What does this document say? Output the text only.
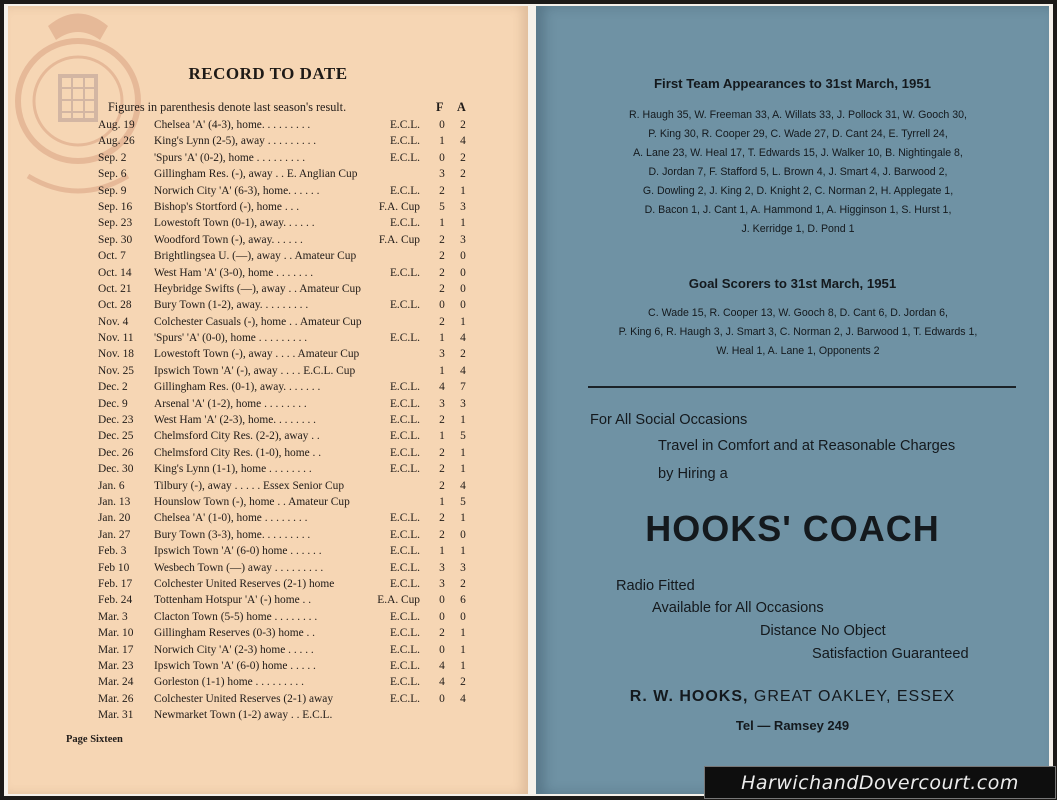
RECORD TO DATE
Figures in parenthesis denote last season's result.	F A
Aug. 19	Chelsea 'A' (4-3), home. . . . . . . . .	E.C.L. 0 2
Aug. 26	King's Lynn (2-5), away . . . . . . . . .	E.C.L. 1 4
Sep. 2	'Spurs 'A' (0-2), home . . . . . . . . .	E.C.L. 0 2
Sep. 6	Gillingham Res. (-), away . . E. Anglian Cup	3 2
Sep. 9	Norwich City 'A' (6-3), home. . . . . .	E.C.L. 2 1
Sep. 16	Bishop's Stortford (-), home . . .	F.A. Cup 5 3
Sep. 23	Lowestoft Town (0-1), away. . . . . .	E.C.L. 1 1
Sep. 30	Woodford Town (-), away. . . . . .	F.A. Cup 2 3
Oct. 7	Brightlingsea U. (—), away . . Amateur Cup	2 0
Oct. 14	West Ham 'A' (3-0), home . . . . . . .	E.C.L. 2 0
Oct. 21	Heybridge Swifts (—), away . . Amateur Cup	2 0
Oct. 28	Bury Town (1-2), away. . . . . . . . .	E.C.L. 0 0
Nov. 4	Colchester Casuals (-), home . . Amateur Cup	2 1
Nov. 11	'Spurs' 'A' (0-0), home . . . . . . . . .	E.C.L. 1 4
Nov. 18	Lowestoft Town (-), away . . . . Amateur Cup	3 2
Nov. 25	Ipswich Town 'A' (-), away . . . . E.C.L. Cup	1 4
Dec. 2	Gillingham Res. (0-1), away. . . . . . .	E.C.L. 4 7
Dec. 9	Arsenal 'A' (1-2), home . . . . . . . .	E.C.L. 3 3
Dec. 23	West Ham 'A' (2-3), home. . . . . . . .	E.C.L. 2 1
Dec. 25	Chelmsford City Res. (2-2), away . .	E.C.L. 1 5
Dec. 26	Chelmsford City Res. (1-0), home . .	E.C.L. 2 1
Dec. 30	King's Lynn (1-1), home . . . . . . . .	E.C.L. 2 1
Jan. 6	Tilbury (-), away . . . . . Essex Senior Cup	2 4
Jan. 13	Hounslow Town (-), home . . Amateur Cup	1 5
Jan. 20	Chelsea 'A' (1-0), home . . . . . . . .	E.C.L. 2 1
Jan. 27	Bury Town (3-3), home. . . . . . . . .	E.C.L. 2 0
Feb. 3	Ipswich Town 'A' (6-0) home . . . . . .	E.C.L. 1 1
Feb 10	Wesbech Town (—) away . . . . . . . . .	E.C.L. 3 3
Feb. 17	Colchester United Reserves (2-1) home	E.C.L. 3 2
Feb. 24	Tottenham Hotspur 'A' (-) home . .	E.A. Cup 0 6
Mar. 3	Clacton Town (5-5) home . . . . . . . .	E.C.L. 0 0
Mar. 10	Gillingham Reserves (0-3) home . .	E.C.L. 2 1
Mar. 17	Norwich City 'A' (2-3) home . . . . .	E.C.L. 0 1
Mar. 23	Ipswich Town 'A' (6-0) home . . . . .	E.C.L. 4 1
Mar. 24	Gorleston (1-1) home . . . . . . . . .	E.C.L. 4 2
Mar. 26	Colchester United Reserves (2-1) away	E.C.L. 0 4
Mar. 31	Newmarket Town (1-2) away . . E.C.L.
Page Sixteen
First Team Appearances to 31st March, 1951
R. Haugh 35, W. Freeman 33, A. Willats 33, J. Pollock 31, W. Gooch 30,
P. King 30, R. Cooper 29, C. Wade 27, D. Cant 24, E. Tyrrell 24,
A. Lane 23, W. Heal 17, T. Edwards 15, J. Walker 10, B. Nightingale 8,
D. Jordan 7, F. Stafford 5, L. Brown 4, J. Smart 4, J. Barwood 2,
G. Dowling 2, J. King 2, D. Knight 2, C. Norman 2, H. Applegate 1,
D. Bacon 1, J. Cant 1, A. Hammond 1, A. Higginson 1, S. Hurst 1,
J. Kerridge 1, D. Pond 1
Goal Scorers to 31st March, 1951
C. Wade 15, R. Cooper 13, W. Gooch 8, D. Cant 6, D. Jordan 6,
P. King 6, R. Haugh 3, J. Smart 3, C. Norman 2, J. Barwood 1, T. Edwards 1,
W. Heal 1, A. Lane 1, Opponents 2
For All Social Occasions
Travel in Comfort and at Reasonable Charges
by Hiring a
HOOKS' COACH
Radio Fitted
Available for All Occasions
Distance No Object
Satisfaction Guaranteed
R. W. HOOKS, GREAT OAKLEY, ESSEX
Tel — Ramsey 249
HarwichandDovercourt.com
